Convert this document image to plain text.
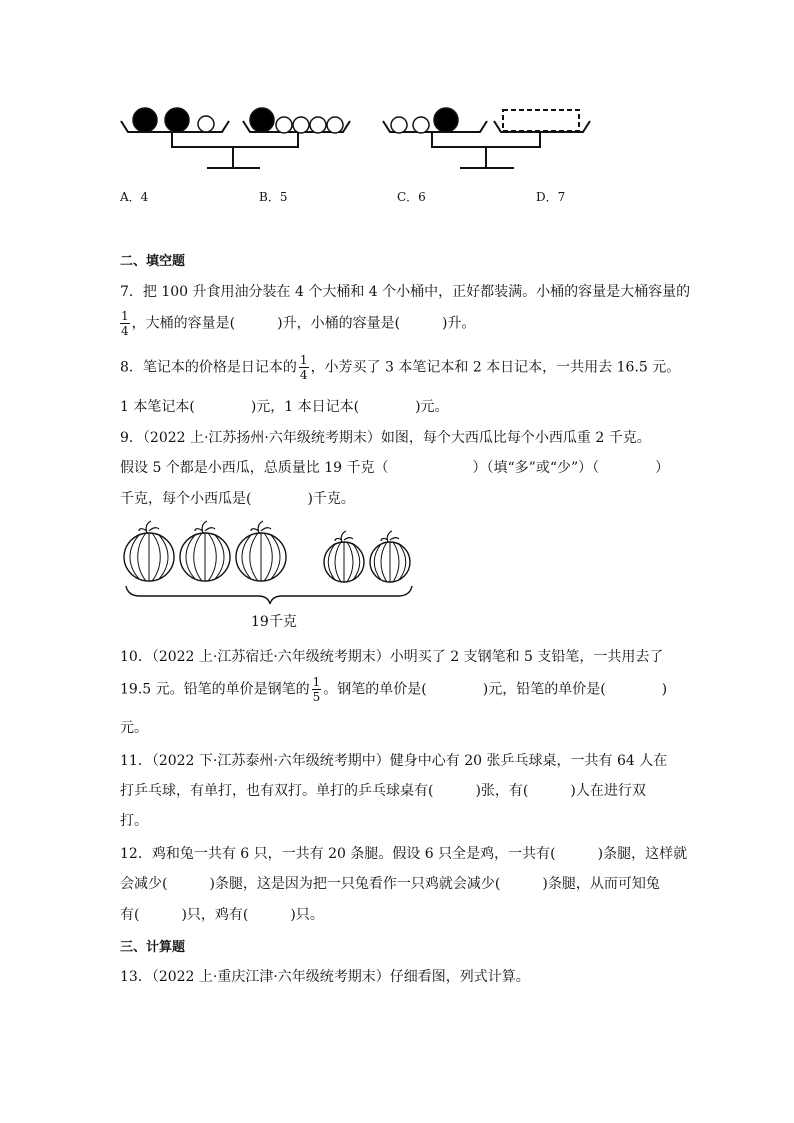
A．4	B．5	C．6	D．7
二、填空题
7．把 100 升食用油分装在 4 个大桶和 4 个小桶中，正好都装满。小桶的容量是大桶容量的
$\frac{1}{4}$ ，大桶的容量是(　　　)升，小桶的容量是(　　　)升。
8．笔记本的价格是日记本的 $\frac{1}{4}$ ，小芳买了 3 本笔记本和 2 本日记本，一共用去 16.5 元。
1 本笔记本(　　　　)元，1 本日记本(　　　　)元。
9．（2022 上·江苏扬州·六年级统考期末）如图，每个大西瓜比每个小西瓜重 2 千克。
假设 5 个都是小西瓜，总质量比 19 千克（　　　　　　）（填“多”或“少”）（　　　　）
千克，每个小西瓜是(　　　　)千克。
19千克
10．（2022 上·江苏宿迁·六年级统考期末）小明买了 2 支钢笔和 5 支铅笔，一共用去了
19.5 元。铅笔的单价是钢笔的 $\frac{1}{5}$ 。钢笔的单价是(　　　　)元，铅笔的单价是(　　　　)
元。
11．（2022 下·江苏泰州·六年级统考期中）健身中心有 20 张乒乓球桌，一共有 64 人在
打乒乓球，有单打，也有双打。单打的乒乓球桌有(　　　)张，有(　　　)人在进行双
打。
12．鸡和兔一共有 6 只，一共有 20 条腿。假设 6 只全是鸡，一共有(　　　)条腿，这样就
会减少(　　　)条腿，这是因为把一只兔看作一只鸡就会减少(　　　)条腿，从而可知兔
有(　　　)只，鸡有(　　　)只。
三、计算题
13．（2022 上·重庆江津·六年级统考期末）仔细看图，列式计算。
